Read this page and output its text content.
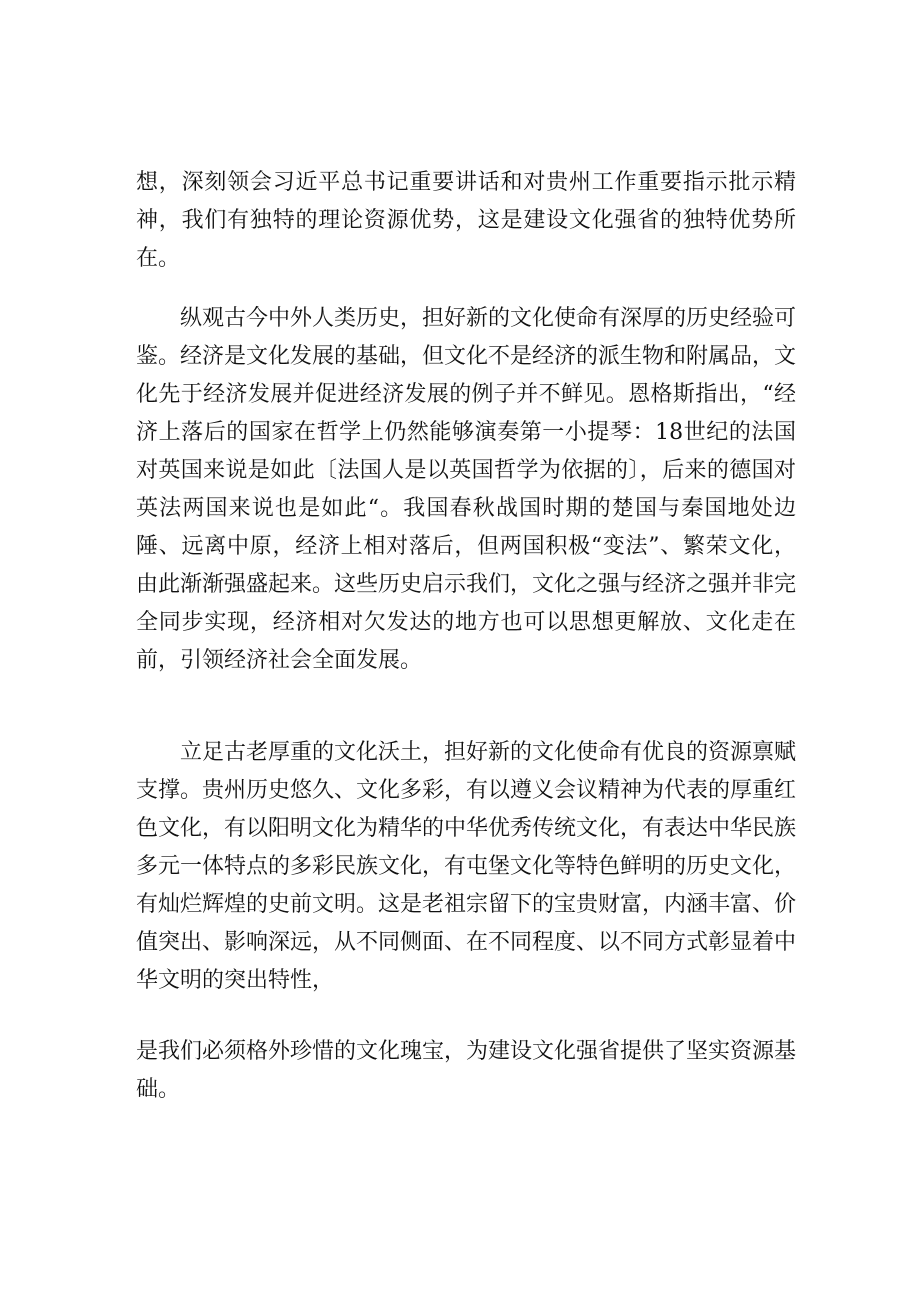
想，深刻领会习近平总书记重要讲话和对贵州工作重要指示批示精神，我们有独特的理论资源优势，这是建设文化强省的独特优势所在。

纵观古今中外人类历史，担好新的文化使命有深厚的历史经验可鉴。经济是文化发展的基础，但文化不是经济的派生物和附属品，文化先于经济发展并促进经济发展的例子并不鲜见。恩格斯指出，“经济上落后的国家在哲学上仍然能够演奏第一小提琴：18世纪的法国对英国来说是如此〔法国人是以英国哲学为依据的〕，后来的德国对英法两国来说也是如此“。我国春秋战国时期的楚国与秦国地处边陲、远离中原，经济上相对落后，但两国积极“变法”、繁荣文化，由此渐渐强盛起来。这些历史启示我们，文化之强与经济之强并非完全同步实现，经济相对欠发达的地方也可以思想更解放、文化走在前，引领经济社会全面发展。

立足古老厚重的文化沃土，担好新的文化使命有优良的资源禀赋支撑。贵州历史悠久、文化多彩，有以遵义会议精神为代表的厚重红色文化，有以阳明文化为精华的中华优秀传统文化，有表达中华民族多元一体特点的多彩民族文化，有屯堡文化等特色鲜明的历史文化，有灿烂辉煌的史前文明。这是老祖宗留下的宝贵财富，内涵丰富、价值突出、影响深远，从不同侧面、在不同程度、以不同方式彰显着中华文明的突出特性，

是我们必须格外珍惜的文化瑰宝，为建设文化强省提供了坚实资源基础。
